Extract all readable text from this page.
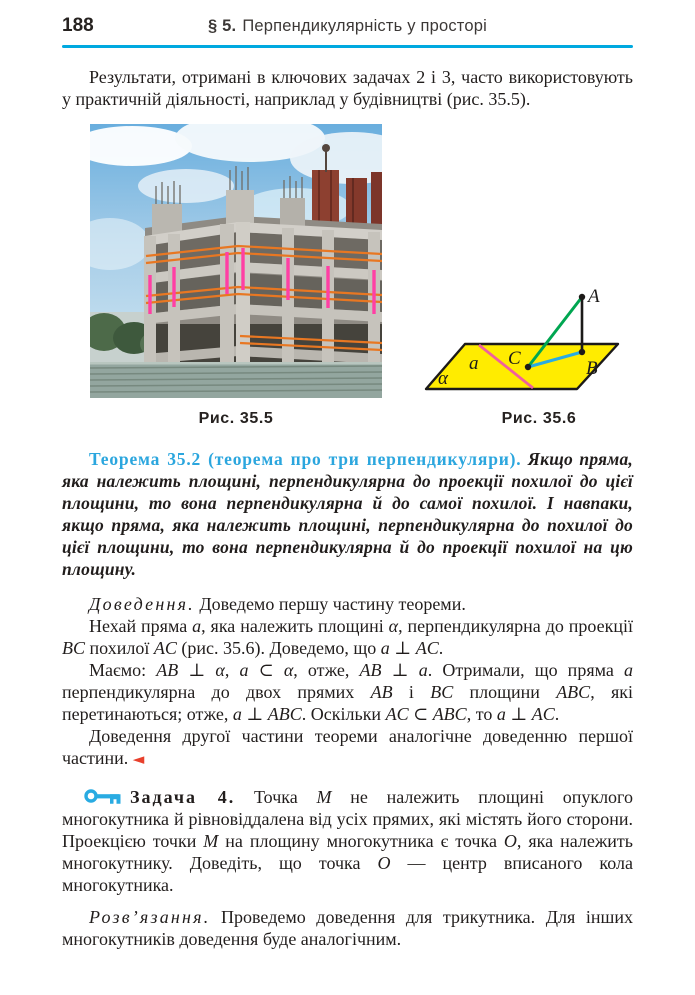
188	§ 5. Перпендикулярність у просторі

Результати, отримані в ключових задачах 2 і 3, часто використовують у практичній діяльності, наприклад у будівництві (рис. 35.5).

Рис. 35.5
A
B
C
a
α
Рис. 35.6

Теорема 35.2 (теорема про три перпендикуляри). Якщо пряма, яка належить площині, перпендикулярна до проекції похилої до цієї площини, то вона перпендикулярна й до самої похилої. І навпаки, якщо пряма, яка належить площині, перпендикулярна до похилої до цієї площини, то вона перпендикулярна й до проекції похилої на цю площину.

Доведення. Доведемо першу частину теореми.

Нехай пряма a, яка належить площині α, перпендикулярна до проекції BC похилої AC (рис. 35.6). Доведемо, що a ⊥ AC.

Маємо: AB ⊥ α, a ⊂ α, отже, AB ⊥ a. Отримали, що пряма a перпендикулярна до двох прямих AB і BC площини ABC, які перетинаються; отже, a ⊥ ABC. Оскільки AC ⊂ ABC, то a ⊥ AC.

Доведення другої частини теореми аналогічне доведенню першої частини. ◄

Задача 4. Точка M не належить площині опуклого многокутника й рівновіддалена від усіх прямих, які містять його сторони. Проекцією точки M на площину многокутника є точка O, яка належить многокутнику. Доведіть, що точка O — центр вписаного кола многокутника.

Розв’язання. Проведемо доведення для трикутника. Для інших многокутників доведення буде аналогічним.
